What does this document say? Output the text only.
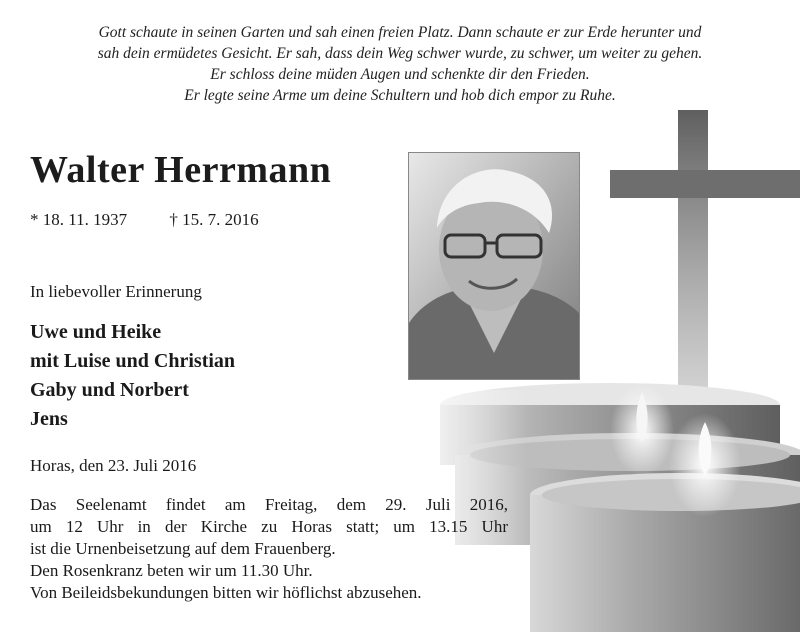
Gott schaute in seinen Garten und sah einen freien Platz. Dann schaute er zur Erde herunter und
sah dein ermüdetes Gesicht. Er sah, dass dein Weg schwer wurde, zu schwer, um weiter zu gehen.
Er schloss deine müden Augen und schenkte dir den Frieden.
Er legte seine Arme um deine Schultern und hob dich empor zu Ruhe.
Walter Herrmann
* 18. 11. 1937 † 15. 7. 2016
In liebevoller Erinnerung
Uwe und Heike
mit Luise und Christian
Gaby und Norbert
Jens
Horas, den 23. Juli 2016
Das Seelenamt findet am Freitag, dem 29. Juli 2016,
um 12 Uhr in der Kirche zu Horas statt; um 13.15 Uhr
ist die Urnenbeisetzung auf dem Frauenberg.
Den Rosenkranz beten wir um 11.30 Uhr.
Von Beileidsbekundungen bitten wir höflichst abzusehen.
